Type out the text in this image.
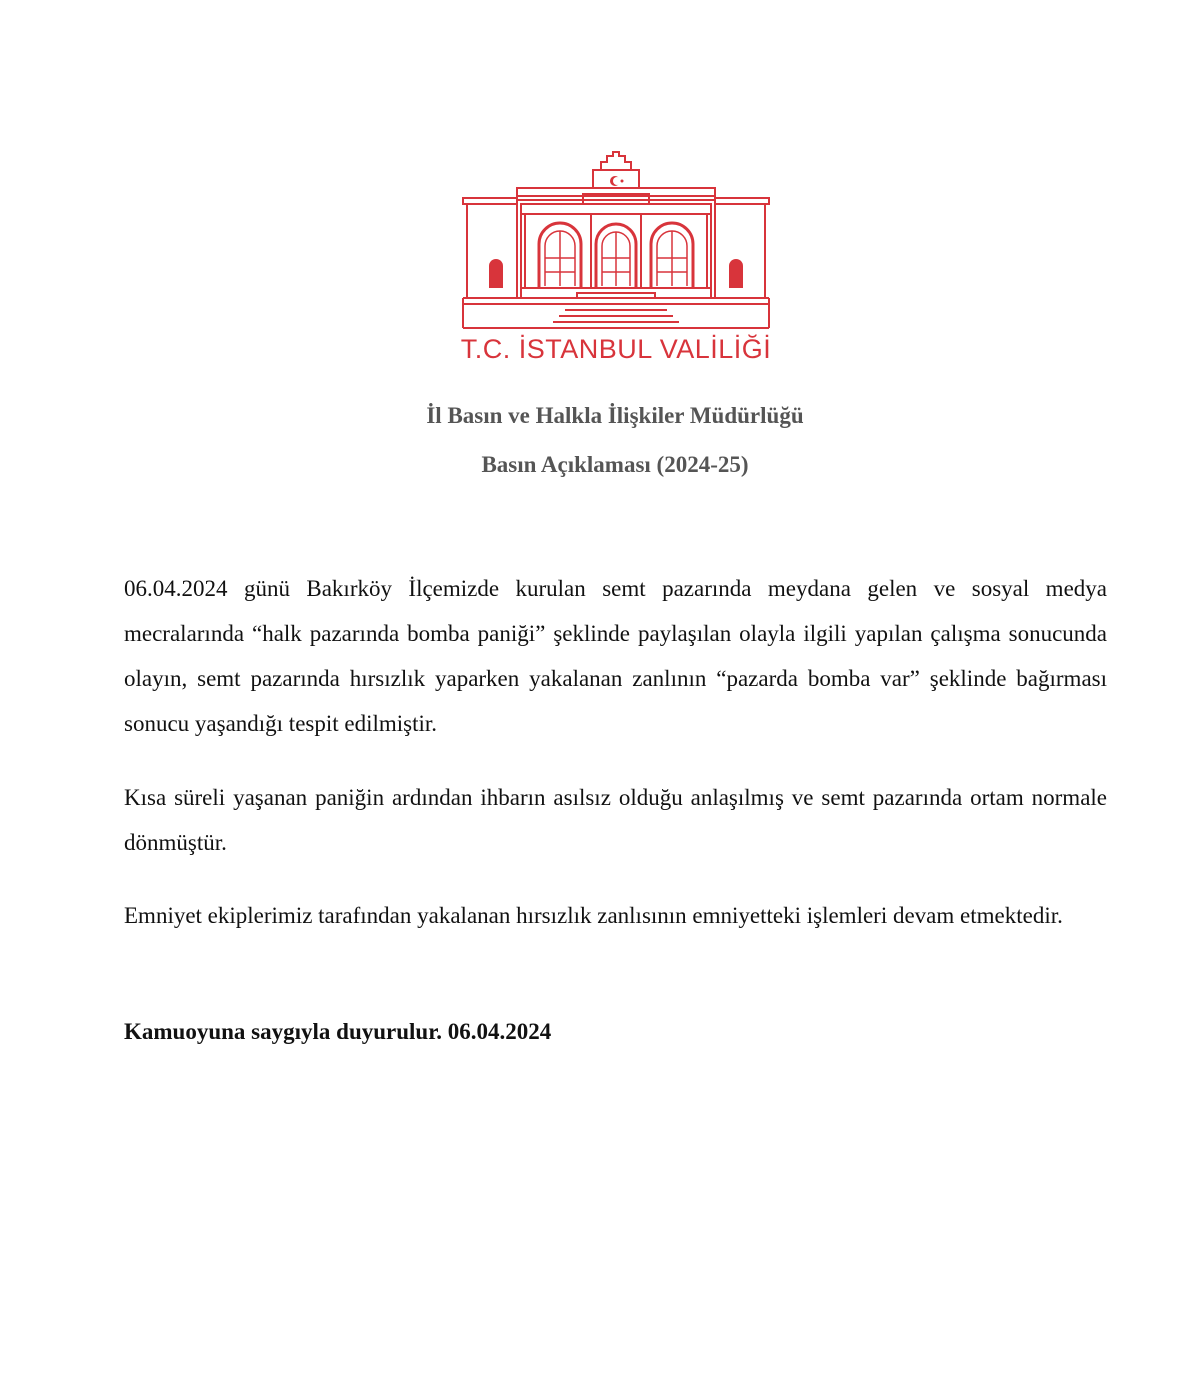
T.C. İSTANBUL VALİLİĞİ
İl Basın ve Halkla İlişkiler Müdürlüğü
Basın Açıklaması (2024-25)

06.04.2024 günü Bakırköy İlçemizde kurulan semt pazarında meydana gelen ve sosyal medya mecralarında “halk pazarında bomba paniği” şeklinde paylaşılan olayla ilgili yapılan çalışma sonucunda olayın, semt pazarında hırsızlık yaparken yakalanan zanlının “pazarda bomba var” şeklinde bağırması sonucu yaşandığı tespit edilmiştir.

Kısa süreli yaşanan paniğin ardından ihbarın asılsız olduğu anlaşılmış ve semt pazarında ortam normale dönmüştür.

Emniyet ekiplerimiz tarafından yakalanan hırsızlık zanlısının emniyetteki işlemleri devam etmektedir.

Kamuoyuna saygıyla duyurulur. 06.04.2024
